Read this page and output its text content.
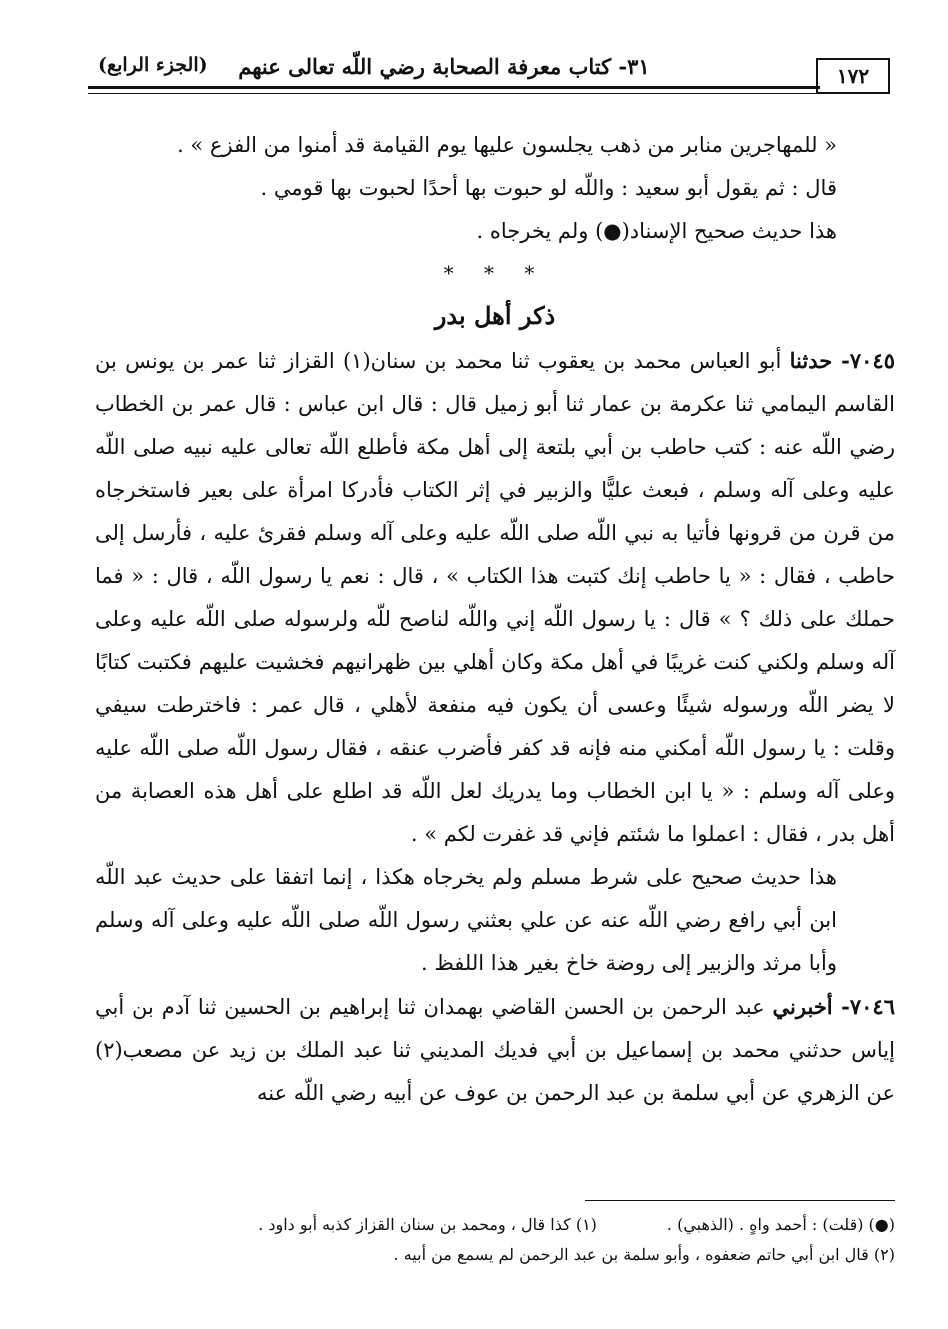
(الجزء الرابع)	٣١- كتاب معرفة الصحابة رضي اللّه تعالى عنهم	١٧٢

« للمهاجرين منابر من ذهب يجلسون عليها يوم القيامة قد أمنوا من الفزع » .

قال : ثم يقول أبو سعيد : واللّه لو حبوت بها أحدًا لحبوت بها قومي .

هذا حديث صحيح الإسناد(●) ولم يخرجاه .

* * *

ذكر أهل بدر

٧٠٤٥- حدثنا أبو العباس محمد بن يعقوب ثنا محمد بن سنان(١) القزاز ثنا عمر بن يونس بن القاسم اليمامي ثنا عكرمة بن عمار ثنا أبو زميل قال : قال ابن عباس : قال عمر بن الخطاب رضي اللّه عنه : كتب حاطب بن أبي بلتعة إلى أهل مكة فأطلع اللّه تعالى عليه نبيه صلى اللّه عليه وعلى آله وسلم ، فبعث عليًّا والزبير في إثر الكتاب فأدركا امرأة على بعير فاستخرجاه من قرن من قرونها فأتيا به نبي اللّه صلى اللّه عليه وعلى آله وسلم فقرئ عليه ، فأرسل إلى حاطب ، فقال : « يا حاطب إنك كتبت هذا الكتاب » ، قال : نعم يا رسول اللّه ، قال : « فما حملك على ذلك ؟ » قال : يا رسول اللّه إني واللّه لناصح للّه ولرسوله صلى اللّه عليه وعلى آله وسلم ولكني كنت غريبًا في أهل مكة وكان أهلي بين ظهرانيهم فخشيت عليهم فكتبت كتابًا لا يضر اللّه ورسوله شيئًا وعسى أن يكون فيه منفعة لأهلي ، قال عمر : فاخترطت سيفي وقلت : يا رسول اللّه أمكني منه فإنه قد كفر فأضرب عنقه ، فقال رسول اللّه صلى اللّه عليه وعلى آله وسلم : « يا ابن الخطاب وما يدريك لعل اللّه قد اطلع على أهل هذه العصابة من أهل بدر ، فقال : اعملوا ما شئتم فإني قد غفرت لكم » .

هذا حديث صحيح على شرط مسلم ولم يخرجاه هكذا ، إنما اتفقا على حديث عبد اللّه ابن أبي رافع رضي اللّه عنه عن علي بعثني رسول اللّه صلى اللّه عليه وعلى آله وسلم وأبا مرثد والزبير إلى روضة خاخ بغير هذا اللفظ .

٧٠٤٦- أخبرني عبد الرحمن بن الحسن القاضي بهمدان ثنا إبراهيم بن الحسين ثنا آدم بن أبي إياس حدثني محمد بن إسماعيل بن أبي فديك المديني ثنا عبد الملك بن زيد عن مصعب(٢) عن الزهري عن أبي سلمة بن عبد الرحمن بن عوف عن أبيه رضي اللّه عنه

(●) (قلت) : أحمد واهٍ . (الذهبي) .

(١) كذا قال ، ومحمد بن سنان القزاز كذبه أبو داود .

(٢) قال ابن أبي حاتم ضعفوه ، وأبو سلمة بن عبد الرحمن لم يسمع من أبيه .
